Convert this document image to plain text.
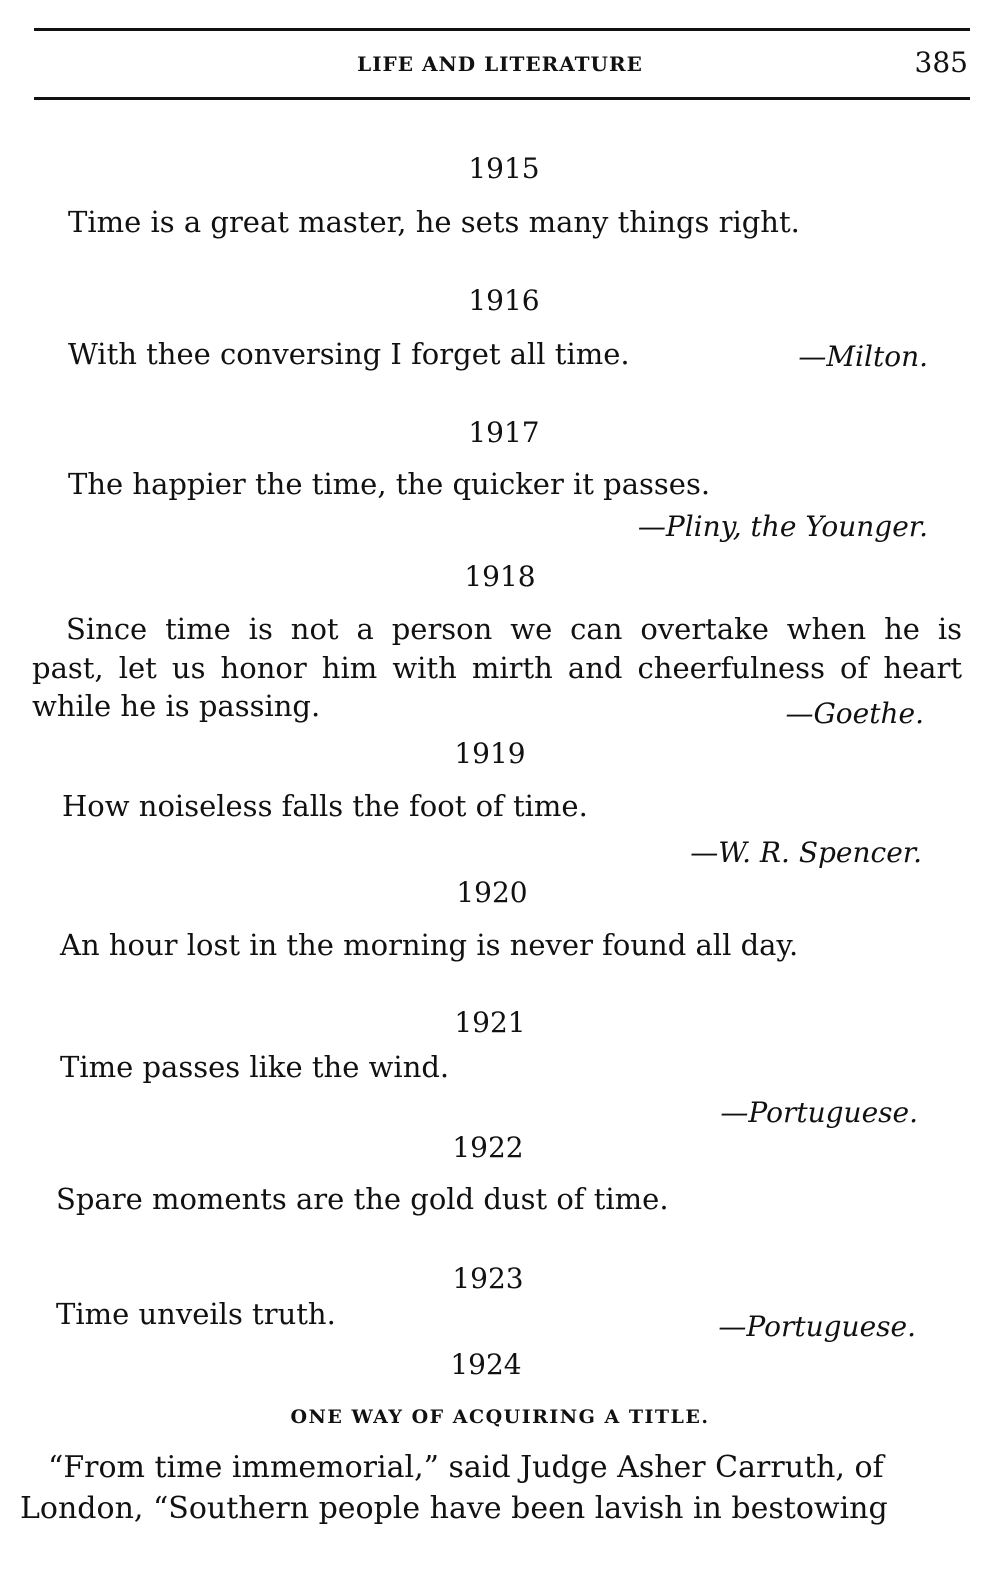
LIFE AND LITERATURE	385
1915
Time is a great master, he sets many things right.
1916
With thee conversing I forget all time.	—Milton.
1917
The happier the time, the quicker it passes.
—Pliny, the Younger.
1918
Since time is not a person we can overtake when he is
past, let us honor him with mirth and cheerfulness of heart
while he is passing.	—Goethe.
1919
How noiseless falls the foot of time.
—W. R. Spencer.
1920
An hour lost in the morning is never found all day.
1921
Time passes like the wind.
—Portuguese.
1922
Spare moments are the gold dust of time.
1923
Time unveils truth.	—Portuguese.
1924
ONE WAY OF ACQUIRING A TITLE.
“From time immemorial,” said Judge Asher Carruth, of
London, “Southern people have been lavish in bestowing
